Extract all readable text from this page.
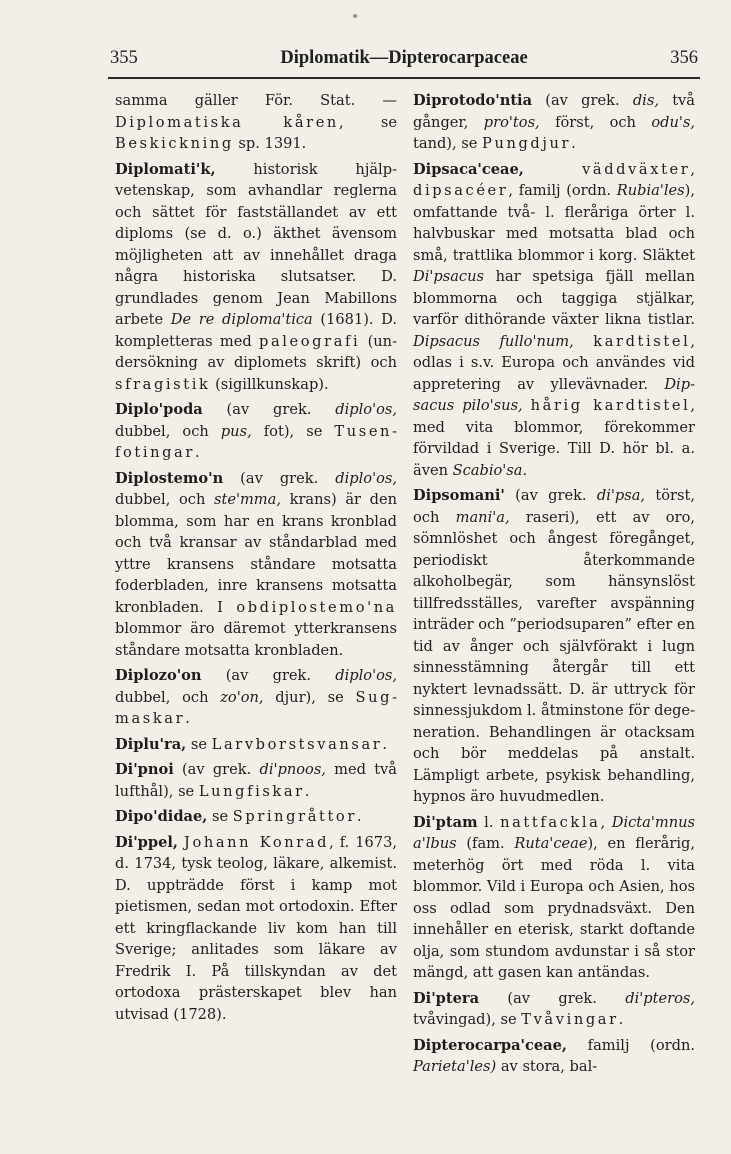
355	Diplomatik—Dipterocarpaceae	356

samma gäller För. Stat. — Diplomatiska kåren, se Beskickning sp. 1391.

Diplomati'k, historisk hjälpvetenskap, som avhandlar reglerna och sättet för fastställandet av ett diploms (se d. o.) äkthet ävensom möjligheten att av innehållet draga några historiska slutsatser. D. grundlades genom Jean Mabillons arbete De re diploma'tica (1681). D. kompletteras med paleografi (undersökning av diplomets skrift) och sfragistik (sigillkunskap).

Diplo'poda (av grek. diplo'os, dubbel, och pus, fot), se Tusenfotingar.

Diplostemo'n (av grek. diplo'os, dubbel, och ste'mma, krans) är den blomma, som har en krans kronblad och två kransar av ståndarblad med yttre kransens ståndare motsatta foderbladen, inre kransens motsatta kronbladen. I obdiplostemo'na blommor äro däremot ytterkransens ståndare motsatta kronbladen.

Diplozo'on (av grek. diplo'os, dubbel, och zo'on, djur), se Sugmaskar.

Diplu'ra, se Larvborstsvansar.

Di'pnoi (av grek. di'pnoos, med två lufthål), se Lungfiskar.

Dipo'didae, se Springråttor.

Di'ppel, Johann Konrad, f. 1673, d. 1734, tysk teolog, läkare, alkemist. D. uppträdde först i kamp mot pietismen, sedan mot ortodoxin. Efter ett kringflackande liv kom han till Sverige; anlitades som läkare av Fredrik I. På tillskyndan av det ortodoxa prästerskapet blev han utvisad (1728).

Diprotodo'ntia (av grek. dis, två gånger, pro'tos, först, och odu's, tand), se Pungdjur.

Dipsaca'ceae,	väddväxter, dipsacéer, familj (ordn. Rubia'les), omfattande två- l. fleråriga örter l. halvbuskar med motsatta blad och små, trattlika blommor i korg. Släktet Di'psacus har spetsiga fjäll mellan blommorna och taggiga stjälkar, varför dithörande växter likna tistlar. Dipsacus fullo'num, kardtistel, odlas i s.v. Europa och användes vid appretering av yllevävnader. Dipsacus pilo'sus, hårig kardtistel, med vita blommor, förekommer förvildad i Sverige. Till D. hör bl. a. även Scabio'sa.

Dipsomani' (av grek. di'psa, törst, och mani'a, raseri), ett av oro, sömnlöshet och ångest föregånget, periodiskt återkommande alkoholbegär, som hänsynslöst tillfredsställes, varefter avspänning inträder och ”periodsuparen” efter en tid av ånger och självförakt i lugn sinnesstämning återgår till ett nyktert levnadssätt. D. är uttryck för sinnessjukdom l. åtminstone för degeneration. Behandlingen är otacksam och bör meddelas på anstalt. Lämpligt arbete, psykisk behandling, hypnos äro huvudmedlen.

Di'ptam l. nattfackla, Dicta'mnus a'lbus (fam. Ruta'ceae), en flerårig, meterhög ört med röda l. vita blommor. Vild i Europa och Asien, hos oss odlad som prydnadsväxt. Den innehåller en eterisk, starkt doftande olja, som stundom avdunstar i så stor mängd, att gasen kan antändas.

Di'ptera (av grek. di'pteros, tvåvingad), se Tvåvingar.

Dipterocarpa'ceae, familj (ordn. Parieta'les) av stora, bal-
